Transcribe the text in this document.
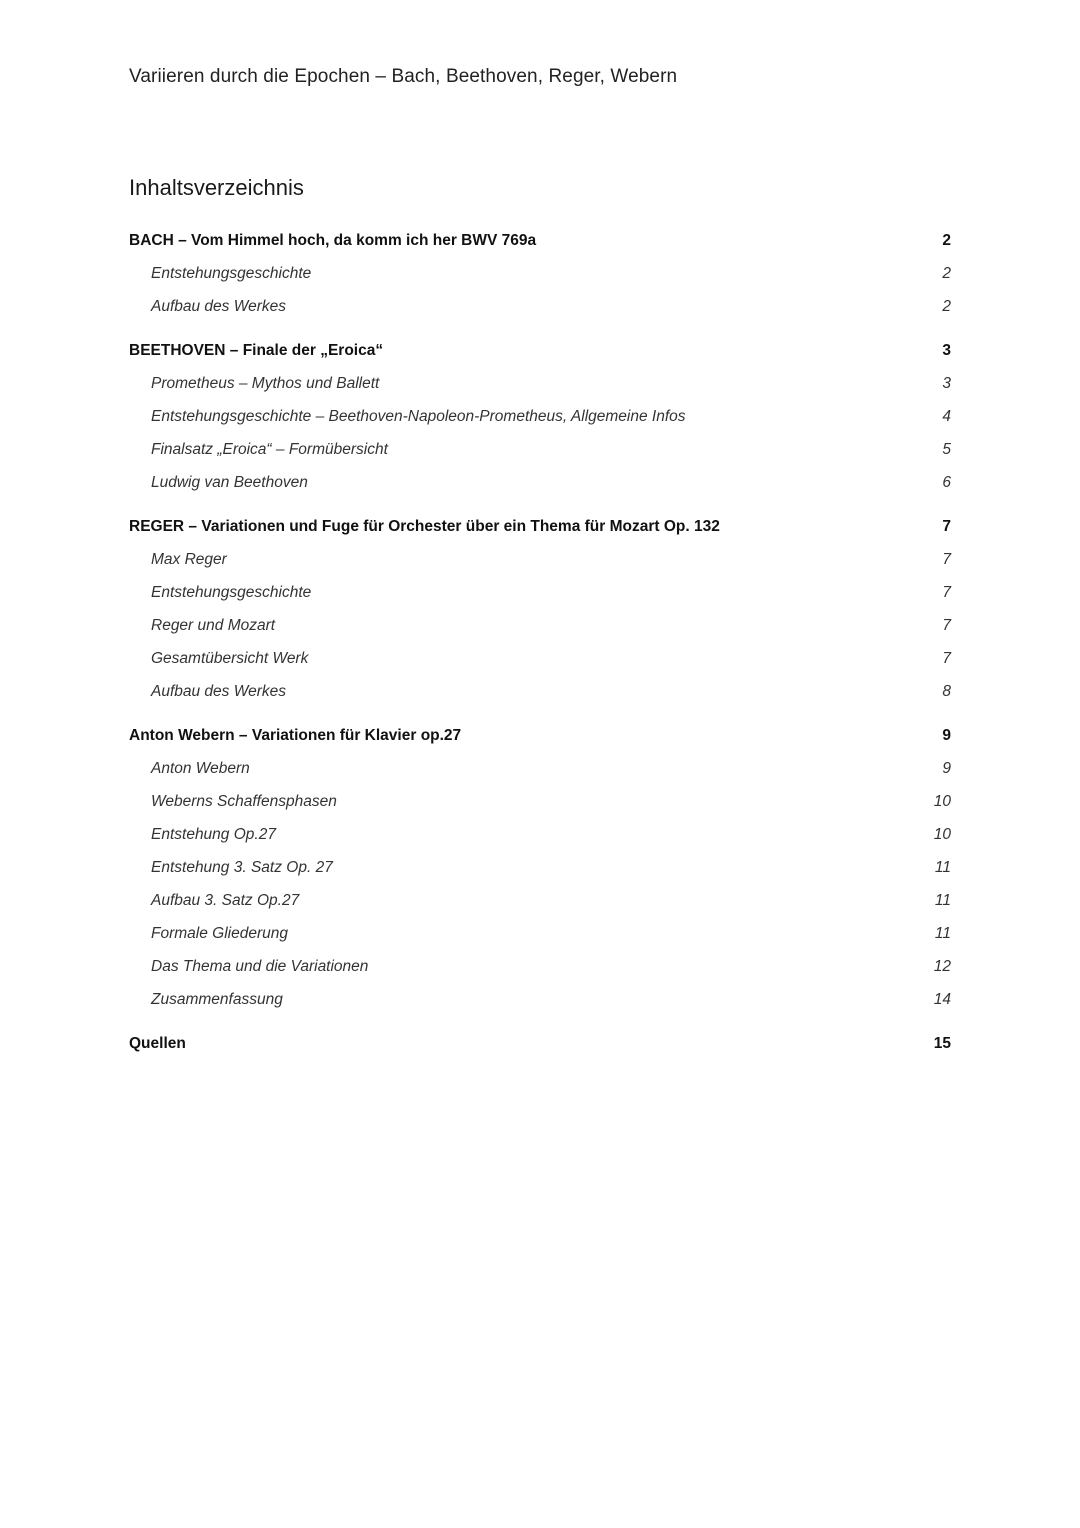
Variieren durch die Epochen – Bach, Beethoven, Reger, Webern
Inhaltsverzeichnis
BACH – Vom Himmel hoch, da komm ich her BWV 769a	2
Entstehungsgeschichte	2
Aufbau des Werkes	2
BEETHOVEN – Finale der „Eroica“	3
Prometheus – Mythos und Ballett	3
Entstehungsgeschichte – Beethoven-Napoleon-Prometheus, Allgemeine Infos	4
Finalsatz „Eroica“ – Formübersicht	5
Ludwig van Beethoven	6
REGER – Variationen und Fuge für Orchester über ein Thema für Mozart Op. 132	7
Max Reger	7
Entstehungsgeschichte	7
Reger und Mozart	7
Gesamtübersicht Werk	7
Aufbau des Werkes	8
Anton Webern – Variationen für Klavier op.27	9
Anton Webern	9
Weberns Schaffensphasen	10
Entstehung Op.27	10
Entstehung 3. Satz Op. 27	11
Aufbau 3. Satz Op.27	11
Formale Gliederung	11
Das Thema und die Variationen	12
Zusammenfassung	14
Quellen	15
